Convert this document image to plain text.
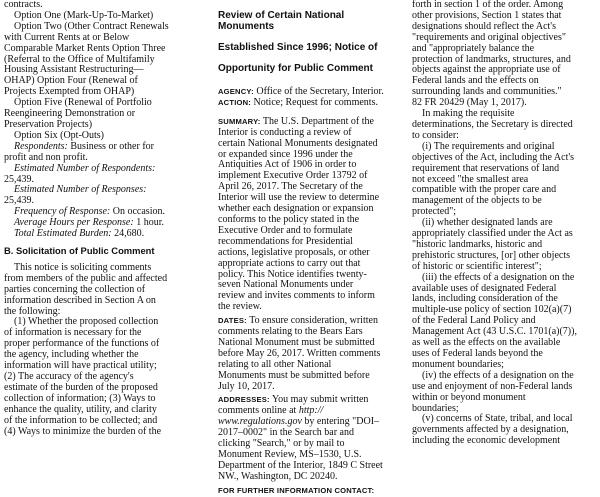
contracts.

Option One (Mark-Up-To-Market)

Option Two (Other Contract Renewals

with Current Rents at or Below

Comparable Market Rents Option Three

(Referral to the Office of Multifamily

Housing Assistant Restructuring—

OHAP) Option Four (Renewal of

Projects Exempted from OHAP)

Option Five (Renewal of Portfolio

Reengineering Demonstration or

Preservation Projects)

Option Six (Opt-Outs)

Respondents: Business or other for

profit and non profit.

Estimated Number of Respondents:

25,439.

Estimated Number of Responses:

25,439.

Frequency of Response: On occasion.

Average Hours per Response: 1 hour.

Total Estimated Burden: 24,680.

B. Solicitation of Public Comment

This notice is soliciting comments

from members of the public and affected

parties concerning the collection of

information described in Section A on

the following:

(1) Whether the proposed collection

of information is necessary for the

proper performance of the functions of

the agency, including whether the

information will have practical utility;

(2) The accuracy of the agency's

estimate of the burden of the proposed

collection of information; (3) Ways to

enhance the quality, utility, and clarity

of the information to be collected; and

(4) Ways to minimize the burden of the

Review of Certain National Monuments

Established Since 1996; Notice of

Opportunity for Public Comment

AGENCY: Office of the Secretary, Interior.

ACTION: Notice; Request for comments.

SUMMARY: The U.S. Department of the

Interior is conducting a review of

certain National Monuments designated

or expanded since 1996 under the

Antiquities Act of 1906 in order to

implement Executive Order 13792 of

April 26, 2017. The Secretary of the

Interior will use the review to determine

whether each designation or expansion

conforms to the policy stated in the

Executive Order and to formulate

recommendations for Presidential

actions, legislative proposals, or other

appropriate actions to carry out that

policy. This Notice identifies twenty-

seven National Monuments under

review and invites comments to inform

the review.

DATES: To ensure consideration, written

comments relating to the Bears Ears

National Monument must be submitted

before May 26, 2017. Written comments

relating to all other National

Monuments must be submitted before

July 10, 2017.

ADDRESSES: You may submit written

comments online at http://

www.regulations.gov by entering "DOI–

2017–0002" in the Search bar and

clicking "Search," or by mail to

Monument Review, MS–1530, U.S.

Department of the Interior, 1849 C Street

NW., Washington, DC 20240.

FOR FURTHER INFORMATION CONTACT:

forth in section 1 of the order. Among

other provisions, Section 1 states that

designations should reflect the Act's

"requirements and original objectives"

and "appropriately balance the

protection of landmarks, structures, and

objects against the appropriate use of

Federal lands and the effects on

surrounding lands and communities."

82 FR 20429 (May 1, 2017).

In making the requisite

determinations, the Secretary is directed

to consider:

(i) The requirements and original

objectives of the Act, including the Act's

requirement that reservations of land

not exceed "the smallest area

compatible with the proper care and

management of the objects to be

protected";

(ii) whether designated lands are

appropriately classified under the Act as

"historic landmarks, historic and

prehistoric structures, [or] other objects

of historic or scientific interest";

(iii) the effects of a designation on the

available uses of designated Federal

lands, including consideration of the

multiple-use policy of section 102(a)(7)

of the Federal Land Policy and

Management Act (43 U.S.C. 1701(a)(7)),

as well as the effects on the available

uses of Federal lands beyond the

monument boundaries;

(iv) the effects of a designation on the

use and enjoyment of non-Federal lands

within or beyond monument

boundaries;

(v) concerns of State, tribal, and local

governments affected by a designation,

including the economic development
